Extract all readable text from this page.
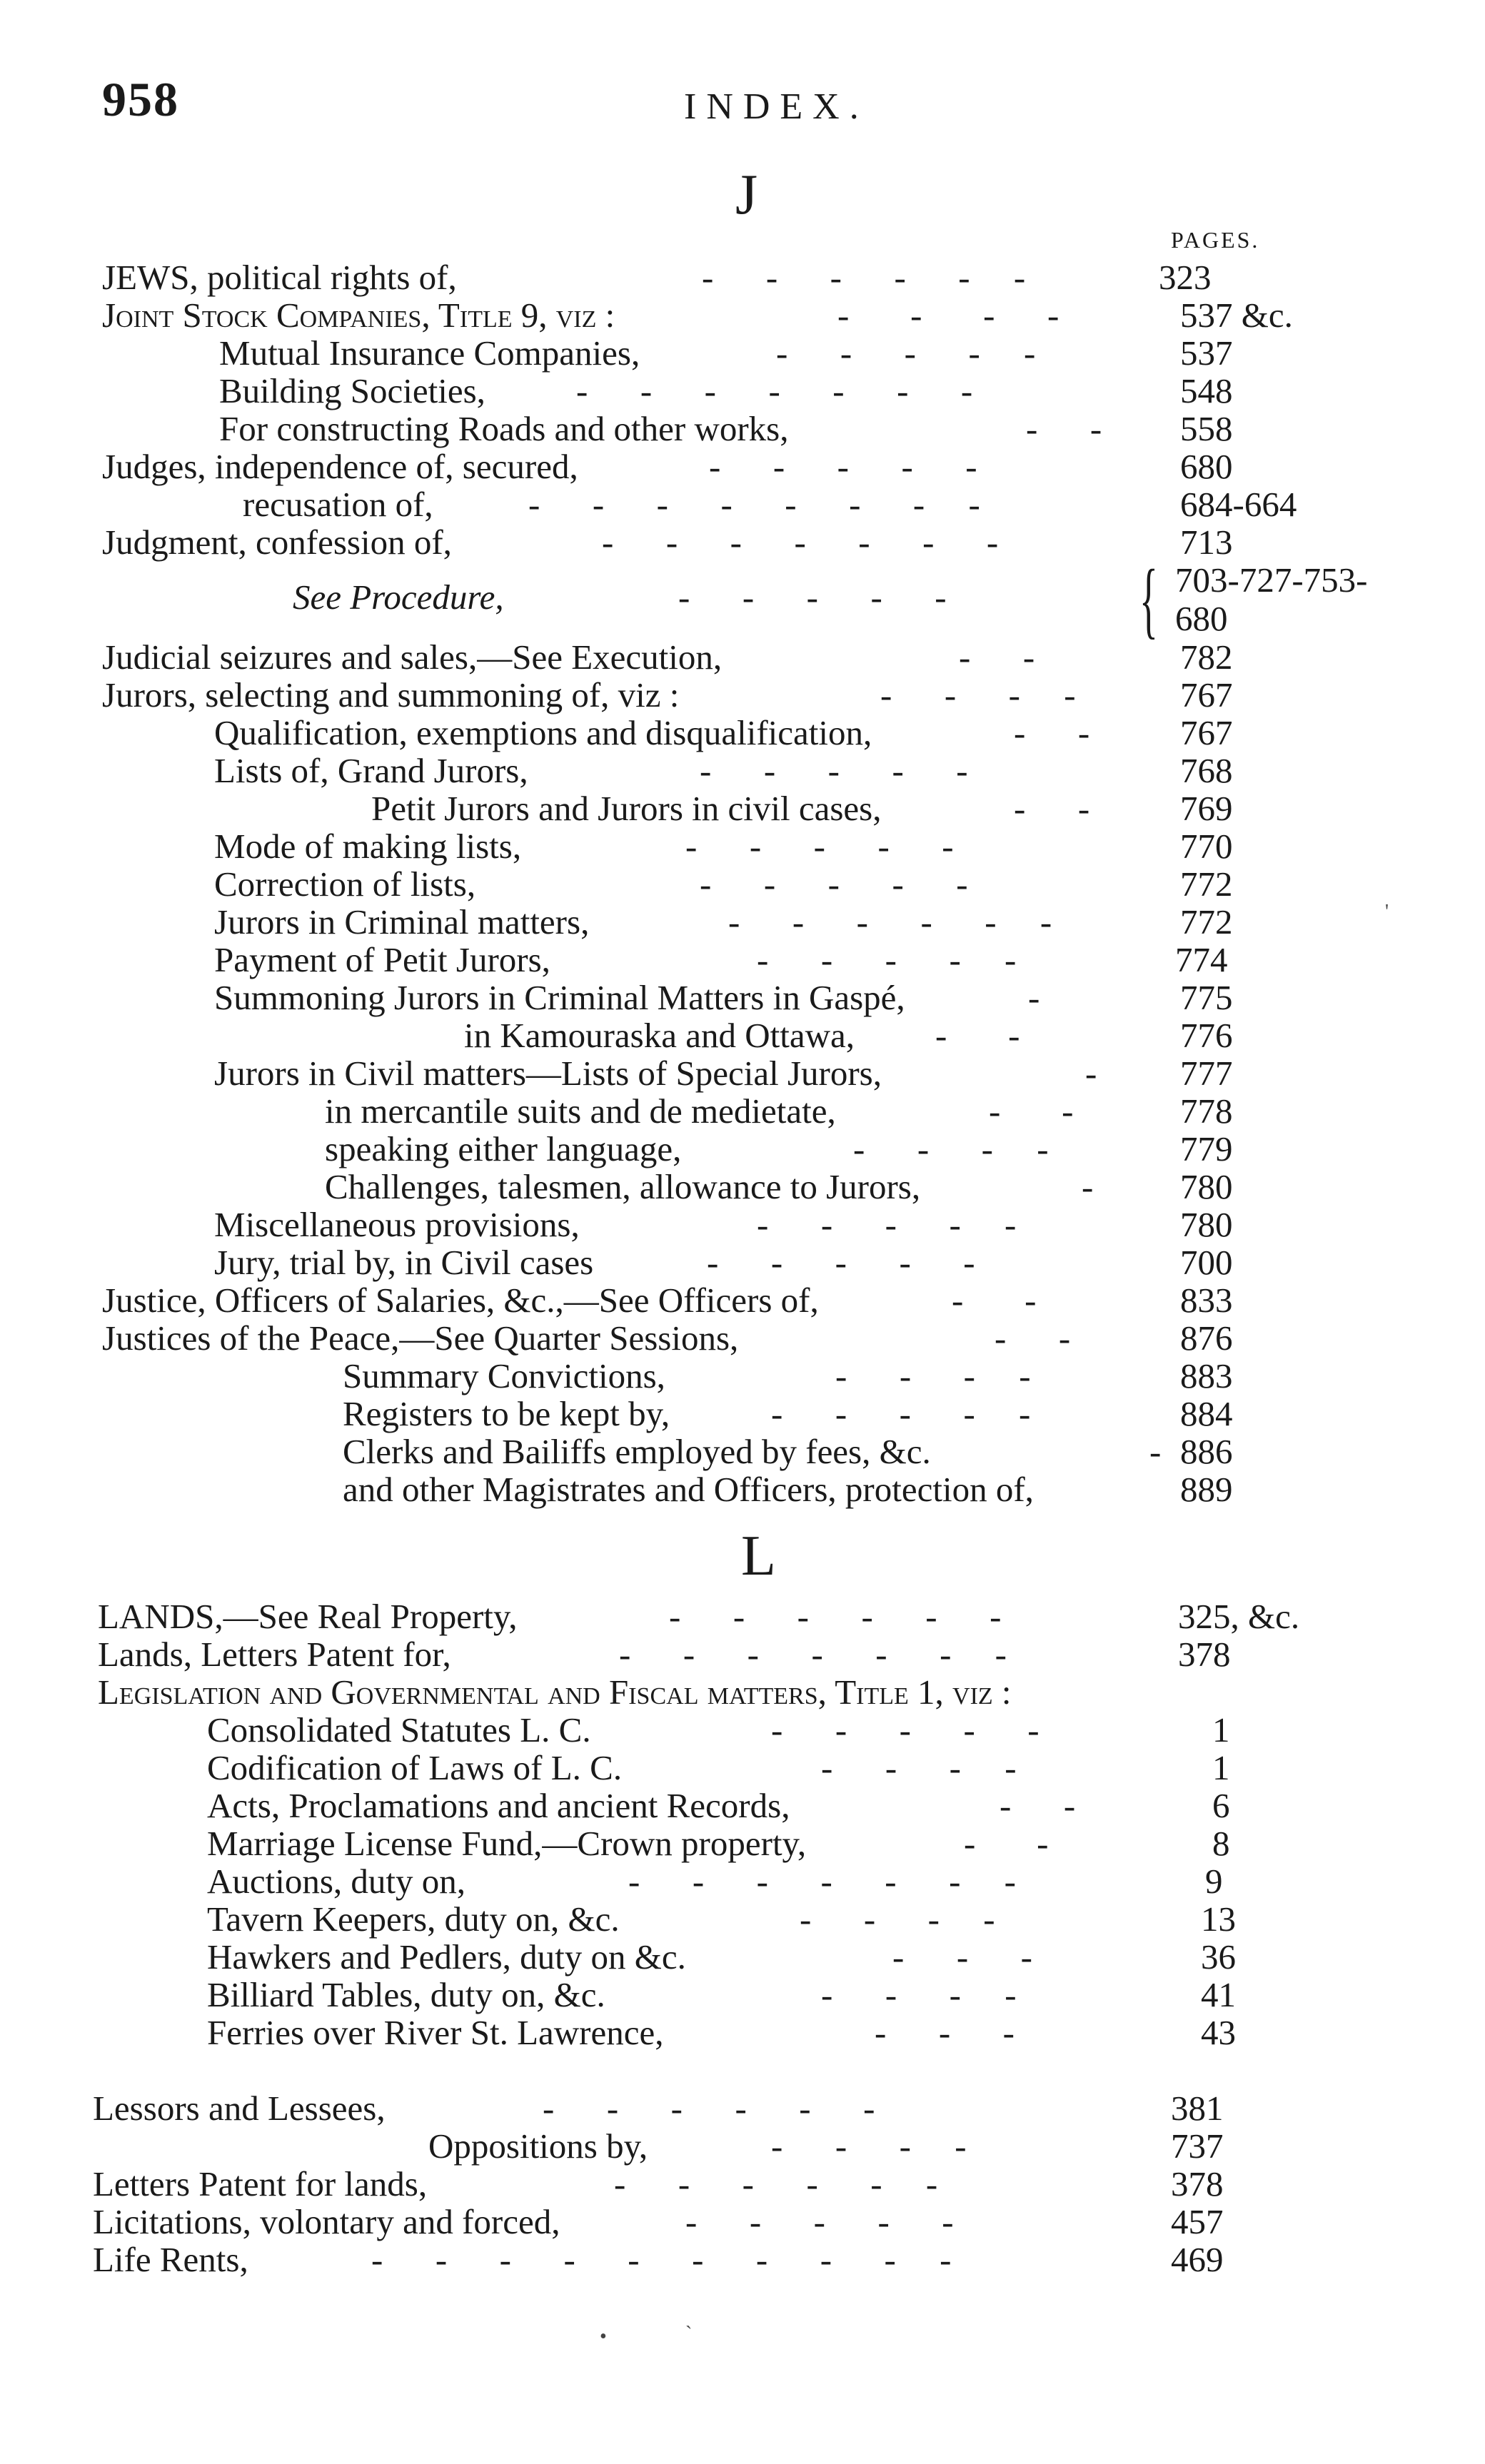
958	INDEX.
J
PAGES.
JEWS, political rights of,	-      -      -      -      -     -	323
Joint Stock Companies, Title 9, viz :	-       -       -      -	537 &c.
Mutual Insurance Companies,	-      -      -      -     -	537
Building Societies,	-      -      -      -      -      -      -	548
For constructing Roads and other works,	-      - 558
Judges, independence of, secured,	-      -      -      -      -	680
recusation of,	-      -      -      -      -      -      -     -	684-664
Judgment, confession of,	-      -      -      -      -      -      -	713
See Procedure,	-      -      -      -      - { 703-727-753-
680
Judicial seizures and sales,—See Execution,	-      -	782
Jurors, selecting and summoning of, viz :	-      -      -     -	767
Qualification, exemptions and disqualification,	-      -	767
Lists of, Grand Jurors,	-      -      -      -      -	768
Petit Jurors and Jurors in civil cases,	-      -	769
Mode of making lists,	-      -      -      -      -	770
Correction of lists,	-      -      -      -      -	772
Jurors in Criminal matters,	-      -      -      -      -     -	772
Payment of Petit Jurors,	-      -      -      -     -	774
Summoning Jurors in Criminal Matters in Gaspé,	-	775
in Kamouraska and Ottawa, -       -	776
Jurors in Civil matters—Lists of Special Jurors,	- 777
in mercantile suits and de medietate,	-       -	778
speaking either language,	-      -      -     -	779
Challenges, talesmen, allowance to Jurors,	- 780
Miscellaneous provisions,	-      -      -      -     -	780
Jury, trial by, in Civil cases	-      -      -      -      -	700
Justice, Officers of Salaries, &c.,—See Officers of,	-       -	833
Justices of the Peace,—See Quarter Sessions,	-      -	876
Summary Convictions,	-      -      -     -	883
Registers to be kept by,	-      -      -      -     -	884
Clerks and Bailiffs employed by fees, &c.	- 886
and other Magistrates and Officers, protection of,	889
L
LANDS,—See Real Property,	-      -      -      -      -      -	325, &c.
Lands, Letters Patent for,	-      -      -      -      -      -     -	378
Legislation and Governmental and Fiscal matters, Title 1, viz :
Consolidated Statutes L. C.	-      -      -      -      -	1
Codification of Laws of L. C.	-      -      -     -	1
Acts, Proclamations and ancient Records,	-      -	6
Marriage License Fund,—Crown property,	-       -	8
Auctions, duty on,	-      -      -      -      -      -     -	9
Tavern Keepers, duty on, &c.	-      -      -     -	13
Hawkers and Pedlers, duty on &c.	-      -      -	36
Billiard Tables, duty on, &c.	-      -      -     -	41
Ferries over River St. Lawrence,	-      -      -	43
Lessors and Lessees,	-      -      -      -      -      -	381
Oppositions by,	-      -      -     -	737
Letters Patent for lands,	-      -      -      -      -     -	378
Licitations, volontary and forced,	-      -      -      -      -	457
Life Rents,	-      -      -      -      -      -      -      -      -     -	469
•	`
'
